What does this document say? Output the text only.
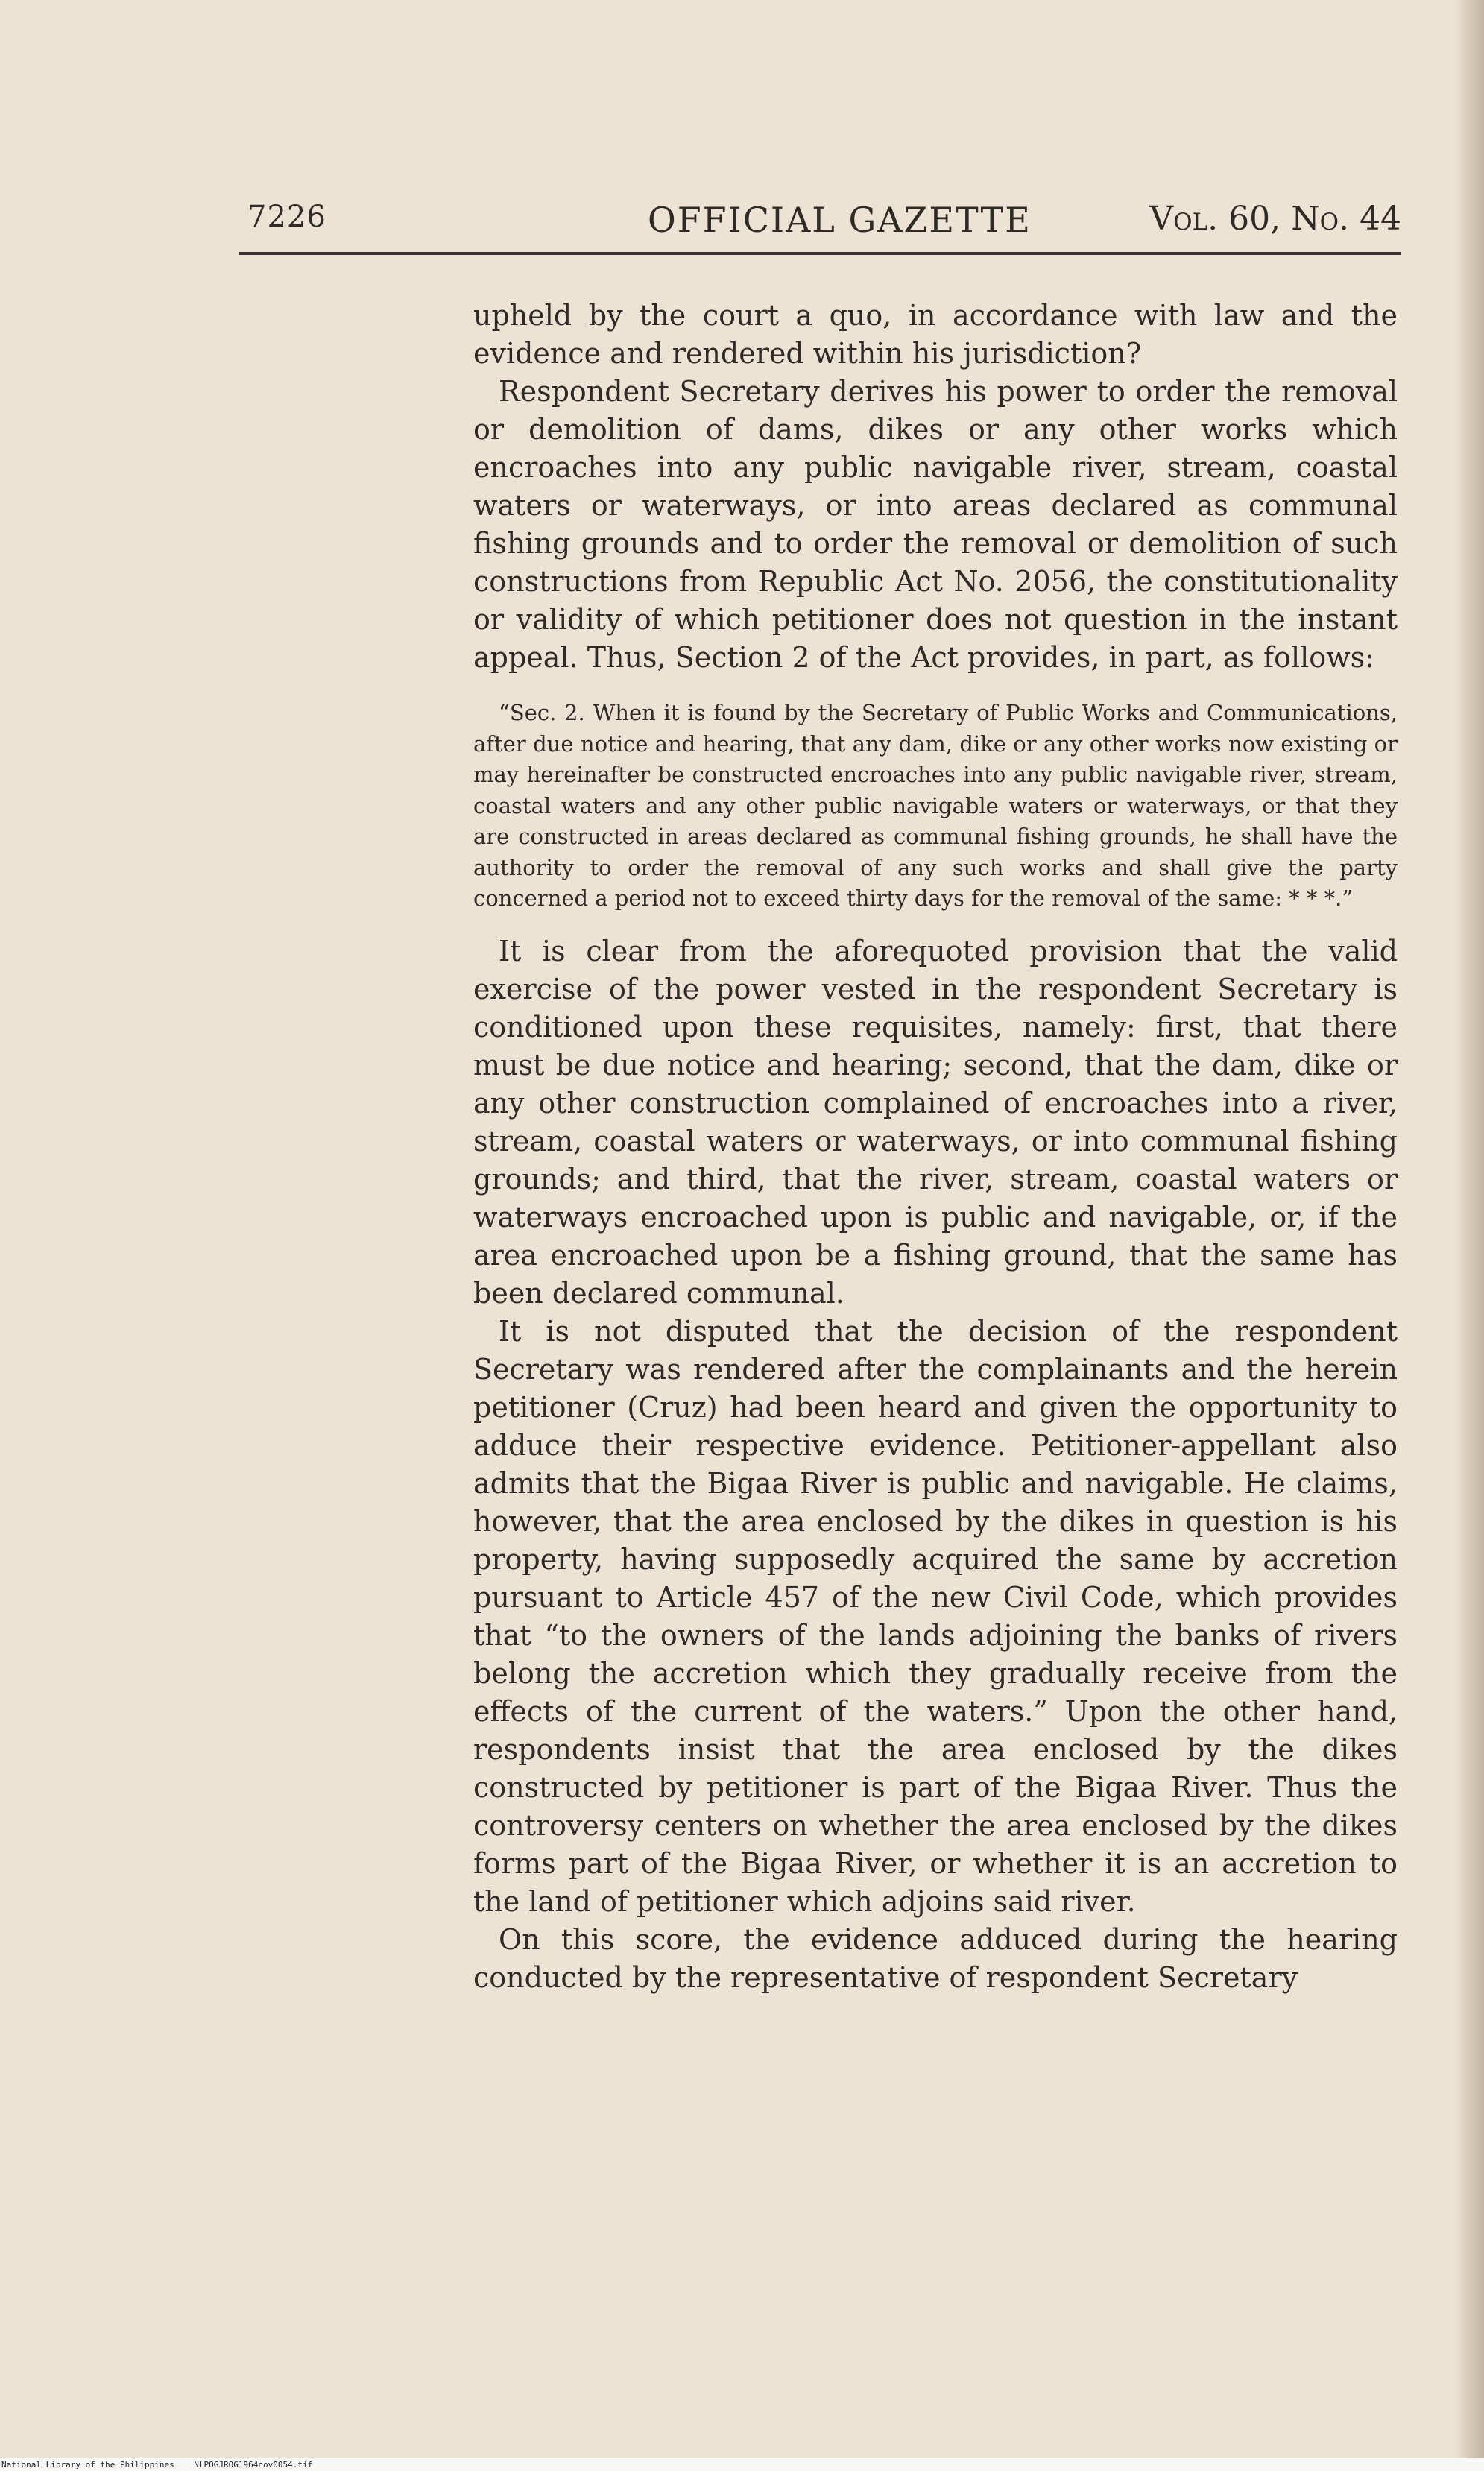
7226	OFFICIAL GAZETTE	Vol. 60, No. 44

upheld by the court a quo, in accordance with law and the evidence and rendered within his jurisdiction?

Respondent Secretary derives his power to order the removal or demolition of dams, dikes or any other works which encroaches into any public navigable river, stream, coastal waters or waterways, or into areas declared as communal fishing grounds and to order the removal or demolition of such constructions from Republic Act No. 2056, the constitutionality or validity of which petitioner does not question in the instant appeal. Thus, Section 2 of the Act provides, in part, as follows:

“Sec. 2. When it is found by the Secretary of Public Works and Communications, after due notice and hearing, that any dam, dike or any other works now existing or may hereinafter be constructed encroaches into any public navigable river, stream, coastal waters and any other public navigable waters or waterways, or that they are constructed in areas declared as communal fishing grounds, he shall have the authority to order the removal of any such works and shall give the party concerned a period not to exceed thirty days for the removal of the same: * * *.”

It is clear from the aforequoted provision that the valid exercise of the power vested in the respondent Secretary is conditioned upon these requisites, namely: first, that there must be due notice and hearing; second, that the dam, dike or any other construction complained of encroaches into a river, stream, coastal waters or waterways, or into communal fishing grounds; and third, that the river, stream, coastal waters or waterways encroached upon is public and navigable, or, if the area encroached upon be a fishing ground, that the same has been declared communal.

It is not disputed that the decision of the respondent Secretary was rendered after the complainants and the herein petitioner (Cruz) had been heard and given the opportunity to adduce their respective evidence. Petitioner-appellant also admits that the Bigaa River is public and navigable. He claims, however, that the area enclosed by the dikes in question is his property, having supposedly acquired the same by accretion pursuant to Article 457 of the new Civil Code, which provides that “to the owners of the lands adjoining the banks of rivers belong the accretion which they gradually receive from the effects of the current of the waters.” Upon the other hand, respondents insist that the area enclosed by the dikes constructed by petitioner is part of the Bigaa River. Thus the controversy centers on whether the area enclosed by the dikes forms part of the Bigaa River, or whether it is an accretion to the land of petitioner which adjoins said river.

On this score, the evidence adduced during the hearing conducted by the representative of respondent Secretary

National Library of the Philippines    NLPOGJROG1964nov0054.tif
